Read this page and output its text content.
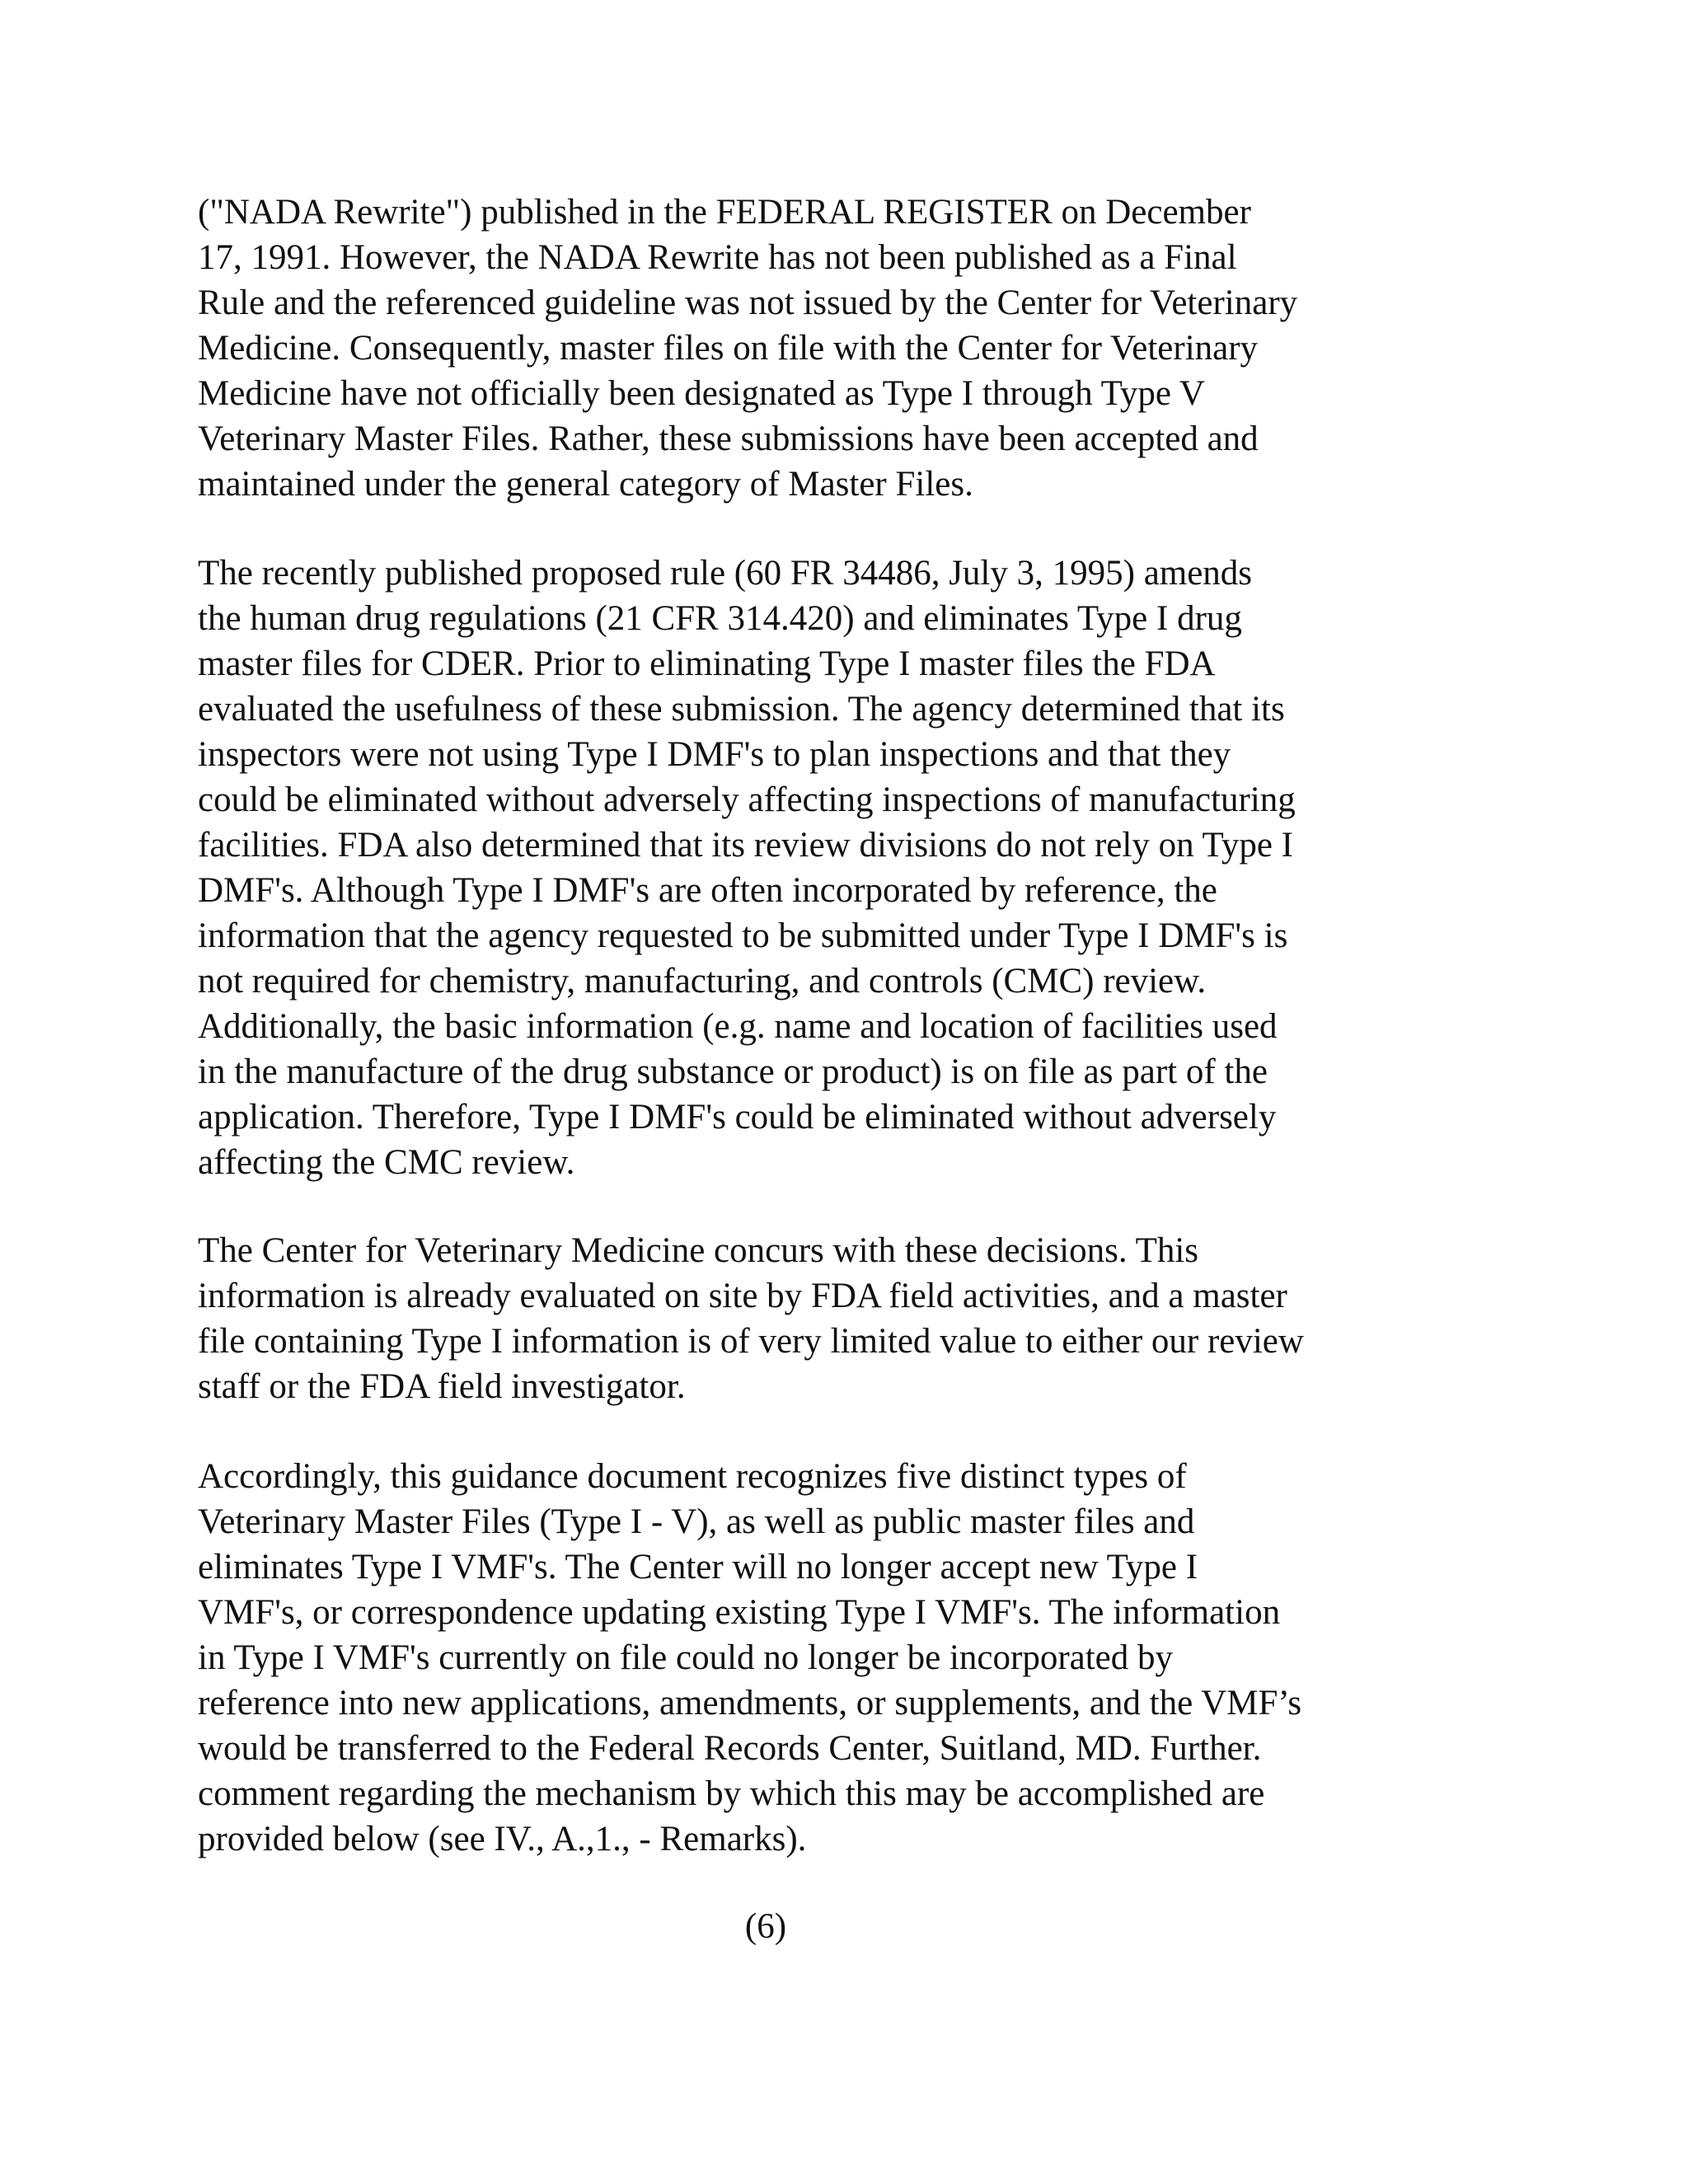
("NADA Rewrite") published in the FEDERAL REGISTER on December
17, 1991. However, the NADA Rewrite has not been published as a Final
Rule and the referenced guideline was not issued by the Center for Veterinary
Medicine. Consequently, master files on file with the Center for Veterinary
Medicine have not officially been designated as Type I through Type V
Veterinary Master Files. Rather, these submissions have been accepted and
maintained under the general category of Master Files.
The recently published proposed rule (60 FR 34486, July 3, 1995) amends
the human drug regulations (21 CFR 314.420) and eliminates Type I drug
master files for CDER. Prior to eliminating Type I master files the FDA
evaluated the usefulness of these submission. The agency determined that its
inspectors were not using Type I DMF's to plan inspections and that they
could be eliminated without adversely affecting inspections of manufacturing
facilities. FDA also determined that its review divisions do not rely on Type I
DMF's. Although Type I DMF's are often incorporated by reference, the
information that the agency requested to be submitted under Type I DMF's is
not required for chemistry, manufacturing, and controls (CMC) review.
Additionally, the basic information (e.g. name and location of facilities used
in the manufacture of the drug substance or product) is on file as part of the
application. Therefore, Type I DMF's could be eliminated without adversely
affecting the CMC review.
The Center for Veterinary Medicine concurs with these decisions. This
information is already evaluated on site by FDA field activities, and a master
file containing Type I information is of very limited value to either our review
staff or the FDA field investigator.
Accordingly, this guidance document recognizes five distinct types of
Veterinary Master Files (Type I - V), as well as public master files and
eliminates Type I VMF's. The Center will no longer accept new Type I
VMF's, or correspondence updating existing Type I VMF's. The information
in Type I VMF's currently on file could no longer be incorporated by
reference into new applications, amendments, or supplements, and the VMF’s
would be transferred to the Federal Records Center, Suitland, MD. Further.
comment regarding the mechanism by which this may be accomplished are
provided below (see IV., A.,1., - Remarks).
(6)
